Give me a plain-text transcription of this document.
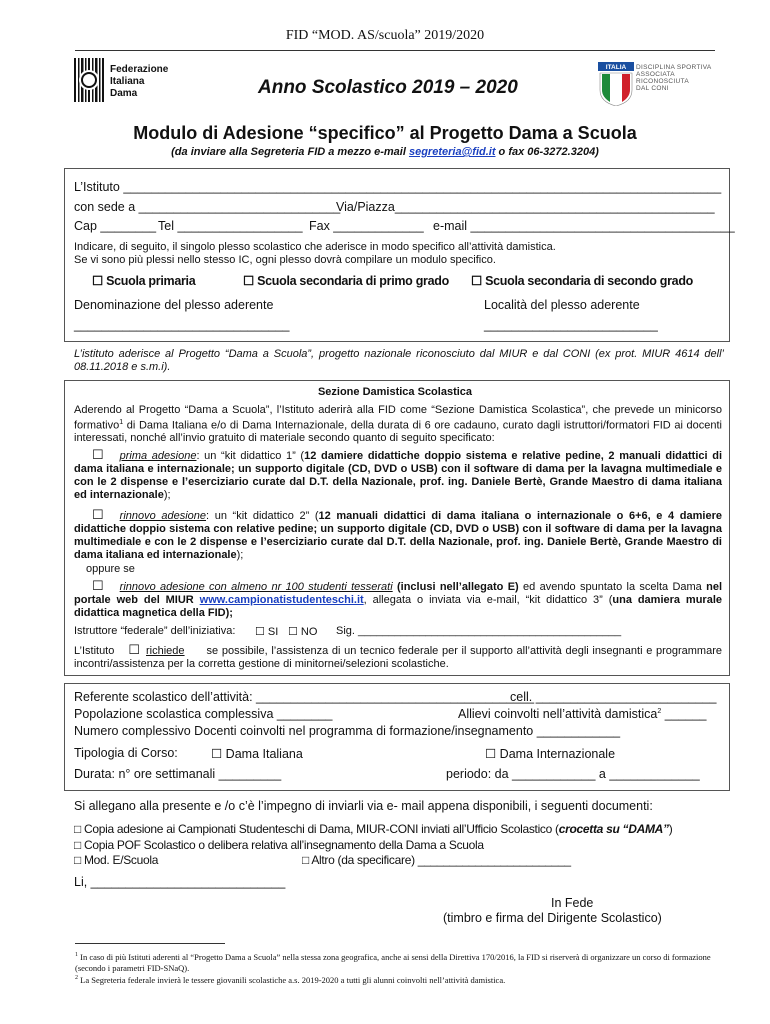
FID “MOD. AS/scuola” 2019/2020
Federazione
Italiana
Dama	Anno Scolastico 2019 – 2020
ITALIA DISCIPLINA SPORTIVA
ASSOCIATA RICONOSCIUTA
DAL CONI
Modulo di Adesione “specifico” al Progetto Dama a Scuola
(da inviare alla Segreteria FID a mezzo e-mail segreteria@fid.it o fax 06-3272.3204)
L’Istituto ______________________________________________________________________________________
con sede a _____________________________
Via/Piazza______________________________________________
Cap ________ Tel __________________ Fax _____________ e-mail ______________________________________
Indicare, di seguito, il singolo plesso scolastico che aderisce in modo specifico all’attività damistica.
Se vi sono più plessi nello stesso IC, ogni plesso dovrà compilare un modulo specifico.
☐ Scuola primaria	☐ Scuola secondaria di primo grado ☐ Scuola secondaria di secondo grado
Denominazione del plesso aderente	Località del plesso aderente
_______________________________	_________________________
L’istituto aderisce al Progetto “Dama a Scuola”, progetto nazionale riconosciuto dal MIUR e dal CONI (ex prot. MIUR 4614 dell’ 08.11.2018 e s.m.i).
Sezione Damistica Scolastica
Aderendo al Progetto “Dama a Scuola”, l’Istituto aderirà alla FID come “Sezione Damistica Scolastica”, che prevede un minicorso formativo$^1$ di Dama Italiana e/o di Dama Internazionale, della durata di 6 ore cadauno, curato dagli istruttori/formatori FID ai docenti interessati, nonché all’invio gratuito di materiale secondo quanto di seguito specificato:
☐ prima adesione: un “kit didattico 1” (12 damiere didattiche doppio sistema e relative pedine, 2 manuali didattici di dama italiana e internazionale; un supporto digitale (CD, DVD o USB) con il software di dama per la lavagna multimediale e con le 2 dispense e l’eserciziario curate dal D.T. della Nazionale, prof. ing. Daniele Bertè, Grande Maestro di dama italiana ed internazionale);
☐ rinnovo adesione: un “kit didattico 2” (12 manuali didattici di dama italiana o internazionale o 6+6, e 4 damiere didattiche doppio sistema con relative pedine; un supporto digitale (CD, DVD o USB) con il software di dama per la lavagna multimediale e con le 2 dispense e l’eserciziario curate dal D.T. della Nazionale, prof. ing. Daniele Bertè, Grande Maestro di dama italiana ed internazionale);
oppure se
☐ rinnovo adesione con almeno nr 100 studenti tesserati (inclusi nell’allegato E) ed avendo spuntato la scelta Dama nel portale web del MIUR www.campionatistudenteschi.it, allegata o inviata via e-mail, “kit didattico 3” (una damiera murale didattica magnetica della FID);
Istruttore “federale” dell’iniziativa: ☐ SI ☐ NO Sig. ___________________________________________
L’Istituto ☐ richiede se possibile, l’assistenza di un tecnico federale per il supporto all’attività degli insegnanti e programmare incontri/assistenza per la corretta gestione di minitornei/selezioni scolastiche.
Referente scolastico dell’attività: ________________________________________
cell. __________________________
Popolazione scolastica complessiva ________	Allievi coinvolti nell’attività damistica$^2$ ______
Numero complessivo Docenti coinvolti nel programma di formazione/insegnamento ____________
Tipologia di Corso:	☐ Dama Italiana	☐ Dama Internazionale
Durata: n° ore settimanali _________	periodo: da ____________ a _____________
Si allegano alla presente e /o c’è l’impegno di inviarli via e- mail appena disponibili, i seguenti documenti:
□ Copia adesione ai Campionati Studenteschi di Dama, MIUR-CONI inviati all’Ufficio Scolastico (crocetta su “DAMA”)
□ Copia POF Scolastico o delibera relativa all’insegnamento della Dama a Scuola
□ Mod. E/Scuola	□ Altro (da specificare) ________________________
Li, ____________________________
In Fede
(timbro e firma del Dirigente Scolastico)
$^1$ In caso di più Istituti aderenti al “Progetto Dama a Scuola” nella stessa zona geografica, anche ai sensi della Direttiva 170/2016, la FID si riserverà di organizzare un corso di formazione (secondo i parametri FID-SNaQ).
$^2$ La Segreteria federale invierà le tessere giovanili scolastiche a.s. 2019-2020 a tutti gli alunni coinvolti nell’attività damistica.
